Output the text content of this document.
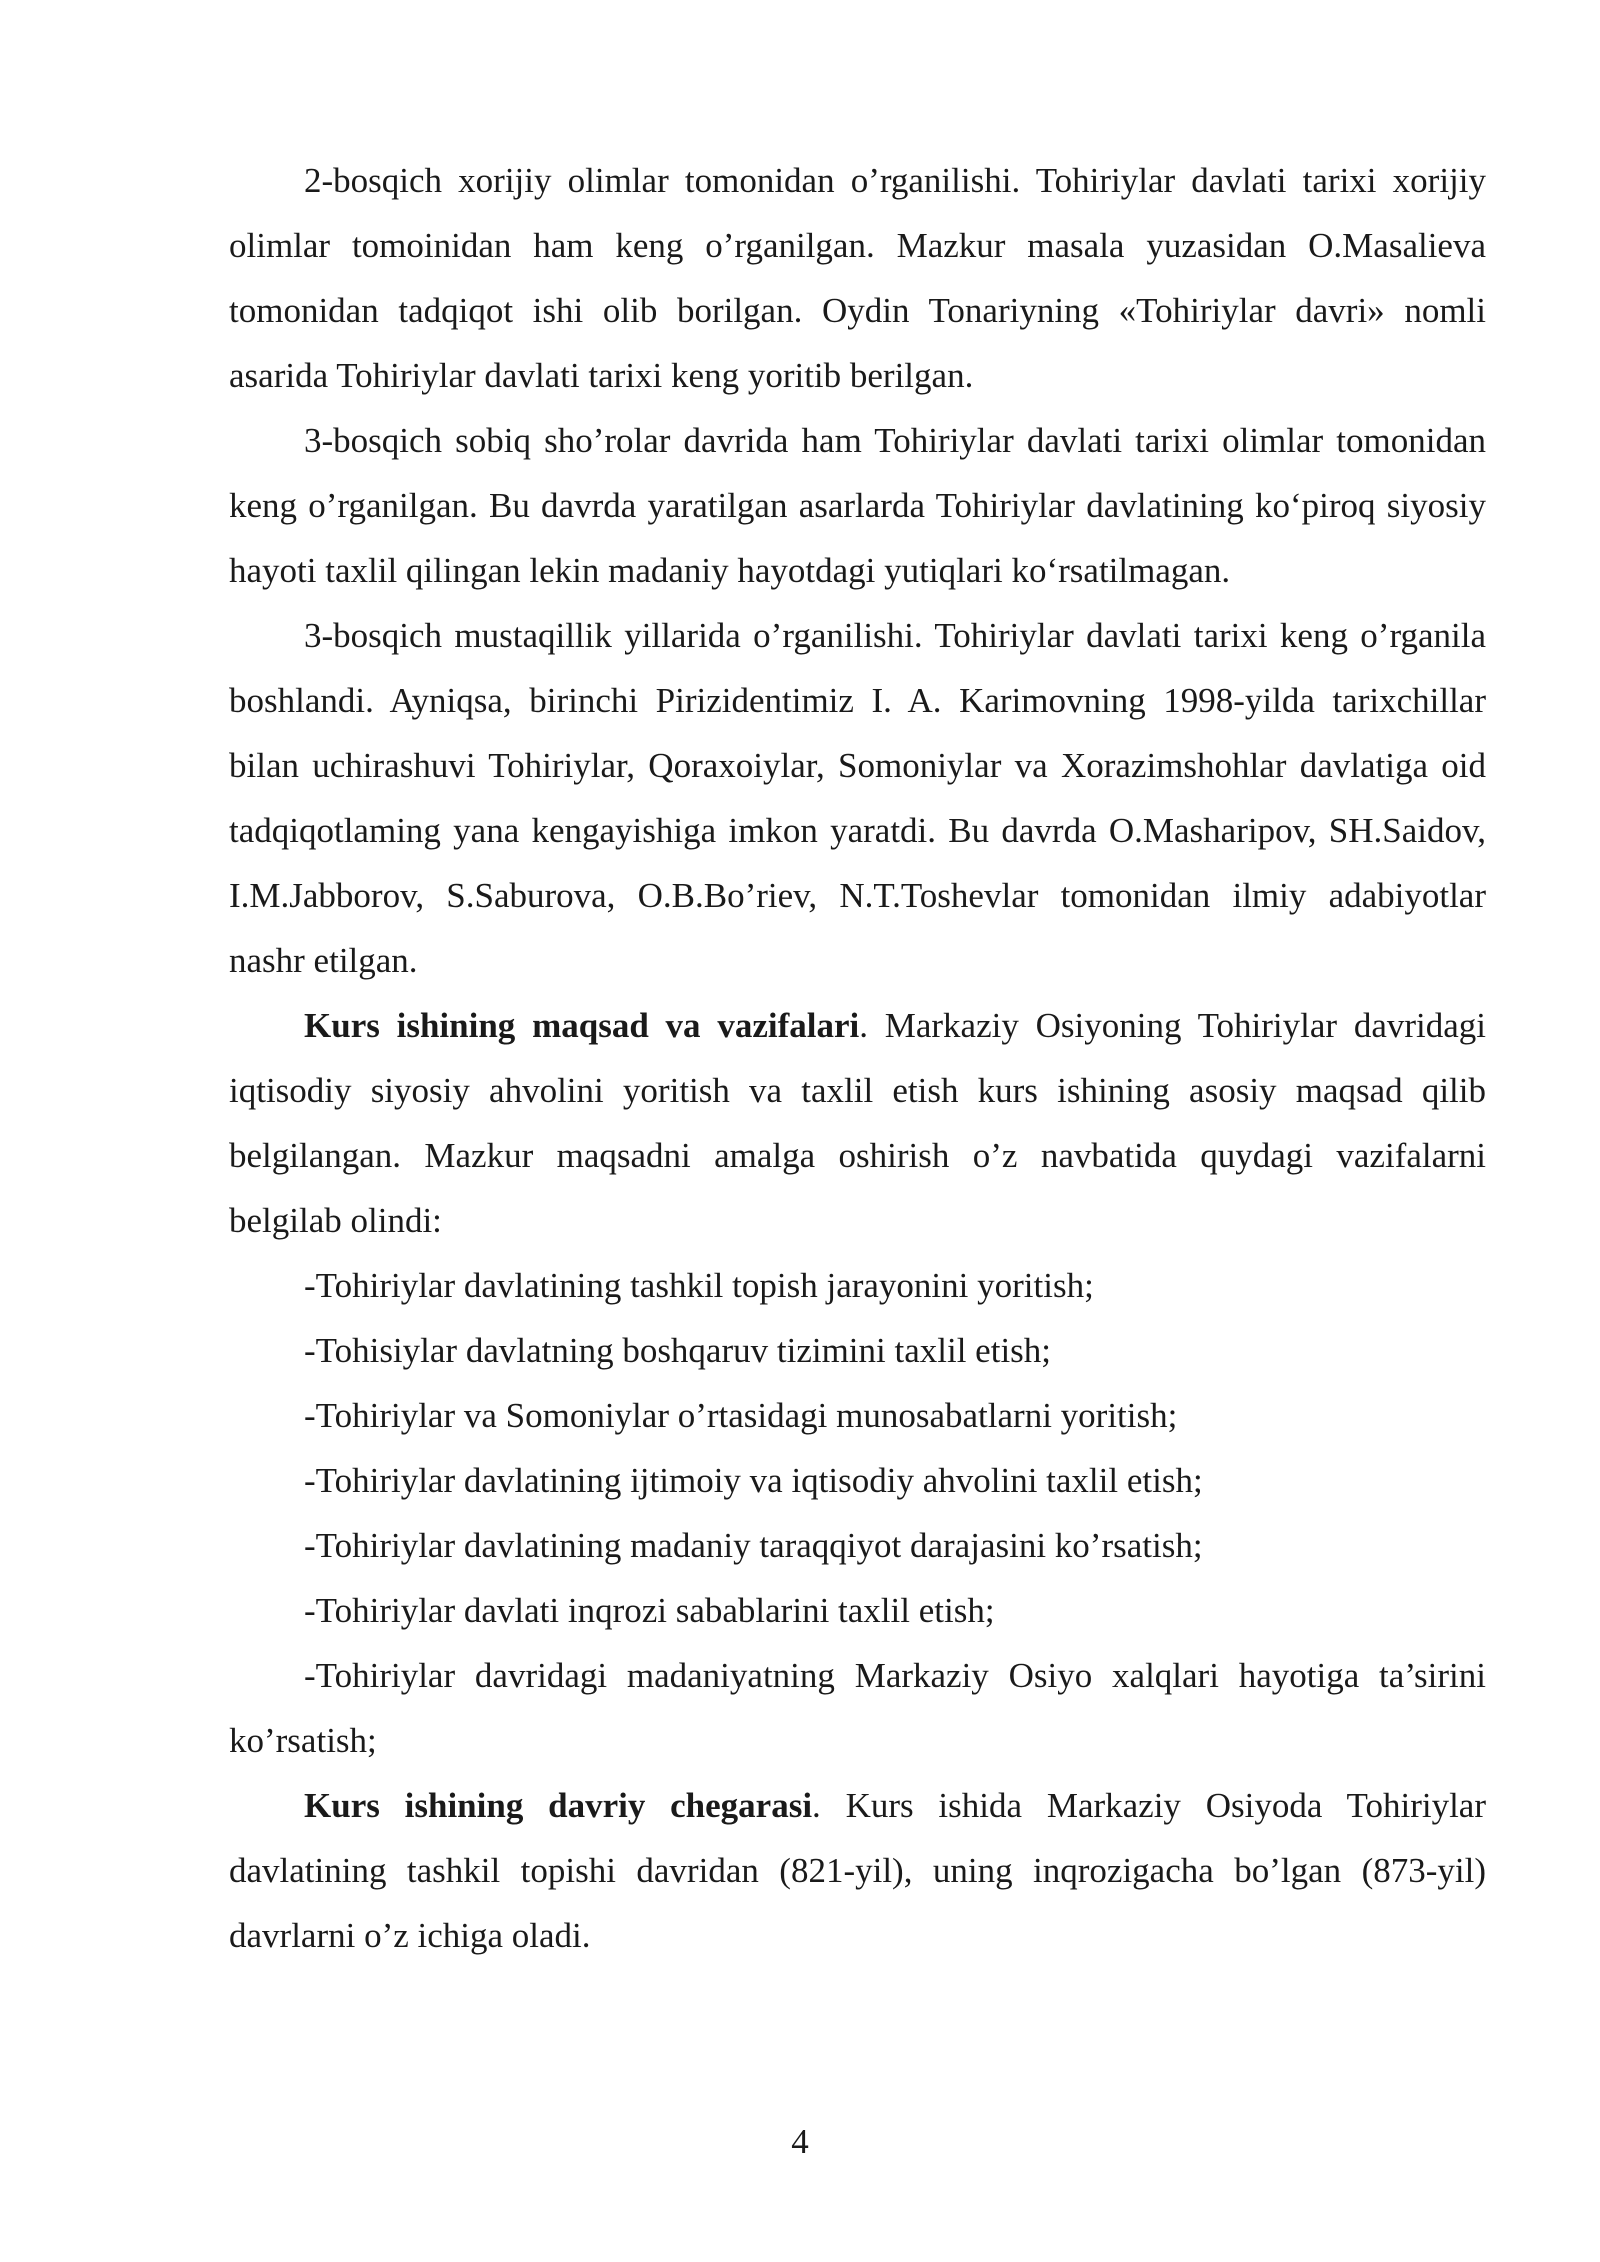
2-bosqich xorijiy olimlar tomonidan o’rganilishi. Tohiriylar davlati tarixi xorijiy olimlar tomoinidan ham keng o’rganilgan. Mazkur masala yuzasidan O.Masalieva tomonidan tadqiqot ishi olib borilgan. Oydin Tonariyning «Tohiriylar davri» nomli asarida Tohiriylar davlati tarixi keng yoritib berilgan.

3-bosqich sobiq sho’rolar davrida ham Tohiriylar davlati tarixi olimlar tomonidan keng o’rganilgan. Bu davrda yaratilgan asarlarda Tohiriylar davlatining koʻpiroq siyosiy hayoti taxlil qilingan lekin madaniy hayotdagi yutiqlari koʻrsatilmagan.

3-bosqich mustaqillik yillarida o’rganilishi. Tohiriylar davlati tarixi keng o’rganila boshlandi. Ayniqsa, birinchi Pirizidentimiz I. A. Karimovning 1998-yilda tarixchillar bilan uchirashuvi Tohiriylar, Qoraxoiylar, Somoniylar va Xorazimshohlar davlatiga oid tadqiqotlaming yana kengayishiga imkon yaratdi. Bu davrda O.Masharipov, SH.Saidov, I.M.Jabborov, S.Saburova, O.B.Bo’riev, N.T.Toshevlar tomonidan ilmiy adabiyotlar nashr etilgan.

Kurs ishining maqsad va vazifalari. Markaziy Osiyoning Tohiriylar davridagi iqtisodiy siyosiy ahvolini yoritish va taxlil etish kurs ishining asosiy maqsad qilib belgilangan. Mazkur maqsadni amalga oshirish o’z navbatida quydagi vazifalarni belgilab olindi:

-Tohiriylar davlatining tashkil topish jarayonini yoritish;

-Tohisiylar davlatning boshqaruv tizimini taxlil etish;

-Tohiriylar va Somoniylar o’rtasidagi munosabatlarni yoritish;

-Tohiriylar davlatining ijtimoiy va iqtisodiy ahvolini taxlil etish;

-Tohiriylar davlatining madaniy taraqqiyot darajasini ko’rsatish;

-Tohiriylar davlati inqrozi sabablarini taxlil etish;

-Tohiriylar davridagi madaniyatning Markaziy Osiyo xalqlari hayotiga ta’sirini ko’rsatish;

Kurs ishining davriy chegarasi. Kurs ishida Markaziy Osiyoda Tohiriylar davlatining tashkil topishi davridan (821-yil), uning inqrozigacha bo’lgan (873-yil) davrlarni o’z ichiga oladi.

4
